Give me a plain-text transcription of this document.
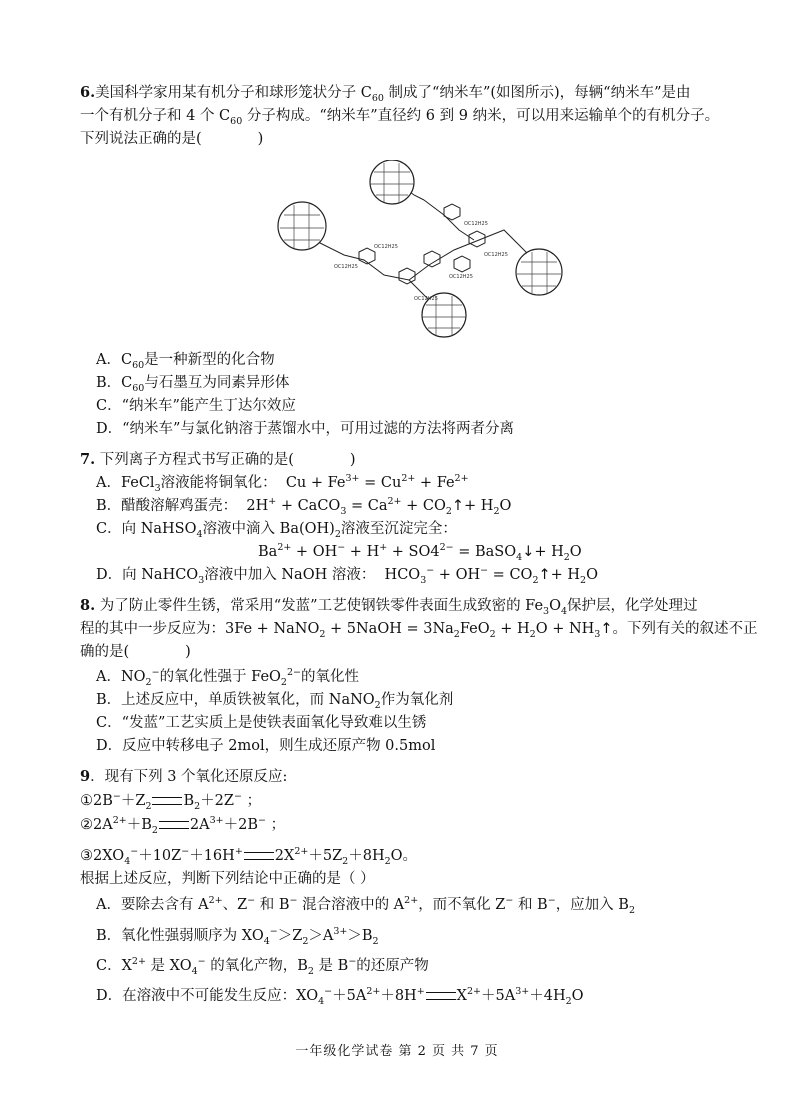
6.美国科学家用某有机分子和球形笼状分子 $C_{60}$ 制成了“纳米车”(如图所示)，每辆“纳米车”是由
一个有机分子和 4 个 $C_{60}$ 分子构成。“纳米车”直径约 6 到 9 纳米，可以用来运输单个的有机分子。
下列说法正确的是(	)
OC12H25
OC12H25
OC12H25
OC12H25
OC12H25
OC12H25
A．$C_{60}$是一种新型的化合物
B．$C_{60}$与石墨互为同素异形体
C．“纳米车”能产生丁达尔效应
D．“纳米车”与氯化钠溶于蒸馏水中，可用过滤的方法将两者分离
7. 下列离子方程式书写正确的是(	)
A．FeCl$_3$溶液能将铜氧化：  $Cu + Fe^{3+} = Cu^{2+} + Fe^{2+}$
B．醋酸溶解鸡蛋壳：  2H+ + CaCO$_3$ = $Ca^{2+}$ + $CO_2↑+ H_2O$
C．向 NaHSO$_4$溶液中滴入 $Ba(OH)_2$溶液至沉淀完全：
$Ba^{2+} + OH^- + H^+ + SO4^{2-}$ = BaSO$_4$↓+ $H_2O$
D．向 NaHCO$_3$溶液中加入 NaOH 溶液：  $HCO_3^- + OH^-$ = $CO_2↑+ H_2O$
8. 为了防止零件生锈，常采用“发蓝”工艺使钢铁零件表面生成致密的 $Fe_3O_4$保护层，化学处理过
程的其中一步反应为：3Fe + NaNO$_2$ + 5NaOH = $3Na_2FeO_2 + H_2O$ + $NH_3↑$。下列有关的叙述不正
确的是(	)
A．$NO_2^-$的氧化性强于 FeO$_2^{2-}$的氧化性
B．上述反应中，单质铁被氧化，而 NaNO$_2$作为氧化剂
C．“发蓝”工艺实质上是使铁表面氧化导致难以生锈
D．反应中转移电子 2mol，则生成还原产物 0.5mol
9．现有下列 3 个氧化还原反应:
$①2B^-+Z_2$ $B_2+2Z^-$ ；
$②2A^{2+}+B_2$ $2A^{3+}+2B^-$ ；
$③2XO_4^-+10Z^-+16H^+$ $2X^{2+}+5Z_2+8H_2O$。
根据上述反应，判断下列结论中正确的是（ ）
A．要除去含有 $A^{2+}$、Z− 和 B− 混合溶液中的 $A^{2+}$，而不氧化 Z− 和 B−，应加入 $B_2$
B．氧化性强弱顺序为 $XO_4^->Z_2>A^{3+}>B_2$
C．$X^{2+}$ 是 $XO_4^-$ 的氧化产物，$B_2$ 是 B−的还原产物
D．在溶液中不可能发生反应：$XO_4^-+5A^{2+}+8H^+$ $X^{2+}+5A^{3+}+4H_2O$
一年级化学试卷 第 2 页 共 7 页
